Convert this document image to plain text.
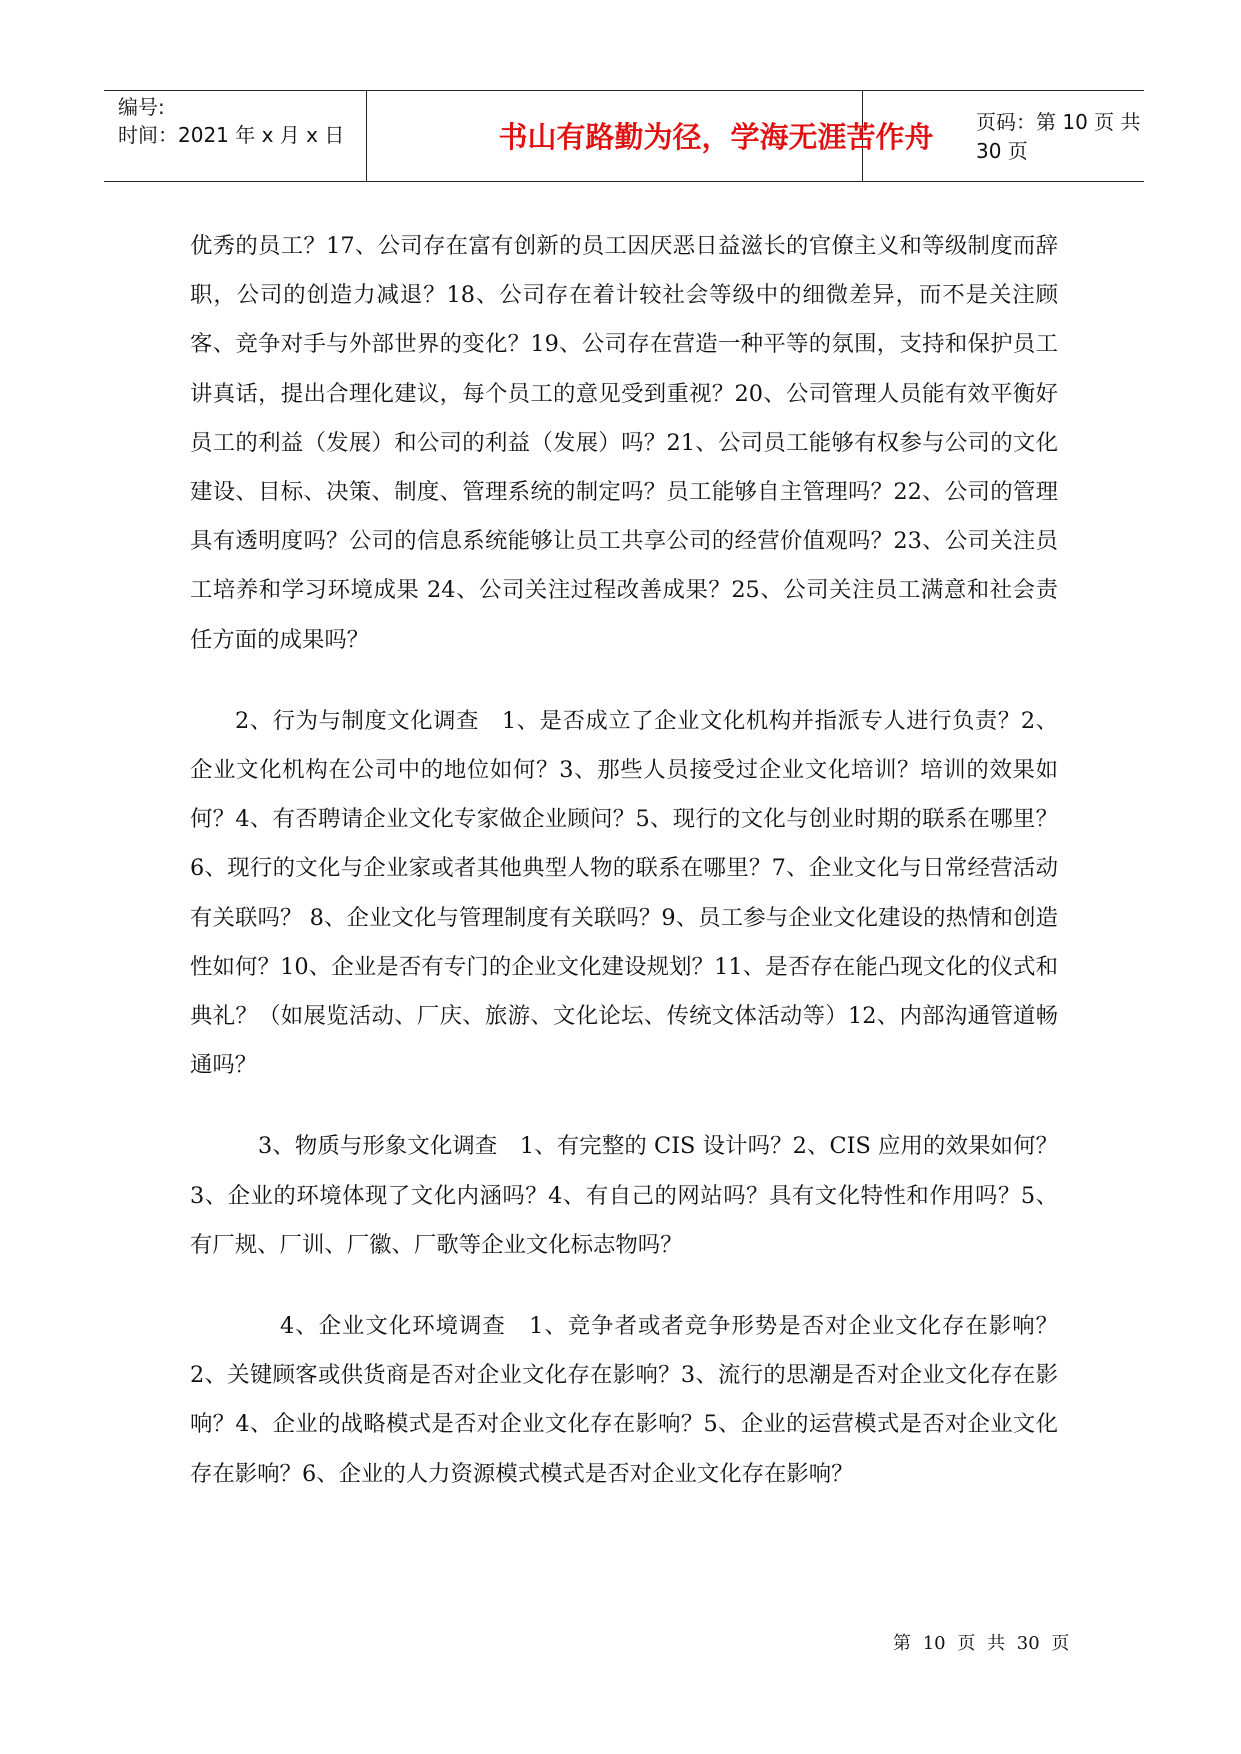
编号:
时间：2021 年 x 月 x 日	书山有路勤为径，学海无涯苦作舟	页码：第 10 页 共 30 页

优秀的员工？17、公司存在富有创新的员工因厌恶日益滋长的官僚主义和等级制度而辞职，公司的创造力减退？18、公司存在着计较社会等级中的细微差异，而不是关注顾客、竞争对手与外部世界的变化？19、公司存在营造一种平等的氛围，支持和保护员工讲真话，提出合理化建议，每个员工的意见受到重视？20、公司管理人员能有效平衡好员工的利益（发展）和公司的利益（发展）吗？21、公司员工能够有权参与公司的文化建设、目标、决策、制度、管理系统的制定吗？员工能够自主管理吗？22、公司的管理具有透明度吗？公司的信息系统能够让员工共享公司的经营价值观吗？23、公司关注员工培养和学习环境成果 24、公司关注过程改善成果？25、公司关注员工满意和社会责任方面的成果吗？

2、行为与制度文化调查　1、是否成立了企业文化机构并指派专人进行负责？2、企业文化机构在公司中的地位如何？3、那些人员接受过企业文化培训？培训的效果如何？4、有否聘请企业文化专家做企业顾问？5、现行的文化与创业时期的联系在哪里？6、现行的文化与企业家或者其他典型人物的联系在哪里？7、企业文化与日常经营活动有关联吗？ 8、企业文化与管理制度有关联吗？9、员工参与企业文化建设的热情和创造性如何？10、企业是否有专门的企业文化建设规划？11、是否存在能凸现文化的仪式和典礼？（如展览活动、厂庆、旅游、文化论坛、传统文体活动等）12、内部沟通管道畅通吗？

3、物质与形象文化调查　1、有完整的 CIS 设计吗？2、CIS 应用的效果如何？3、企业的环境体现了文化内涵吗？4、有自己的网站吗？具有文化特性和作用吗？5、有厂规、厂训、厂徽、厂歌等企业文化标志物吗？

4、企业文化环境调查　1、竞争者或者竞争形势是否对企业文化存在影响？2、关键顾客或供货商是否对企业文化存在影响？3、流行的思潮是否对企业文化存在影响？4、企业的战略模式是否对企业文化存在影响？5、企业的运营模式是否对企业文化存在影响？6、企业的人力资源模式模式是否对企业文化存在影响？

第 10 页 共 30 页
